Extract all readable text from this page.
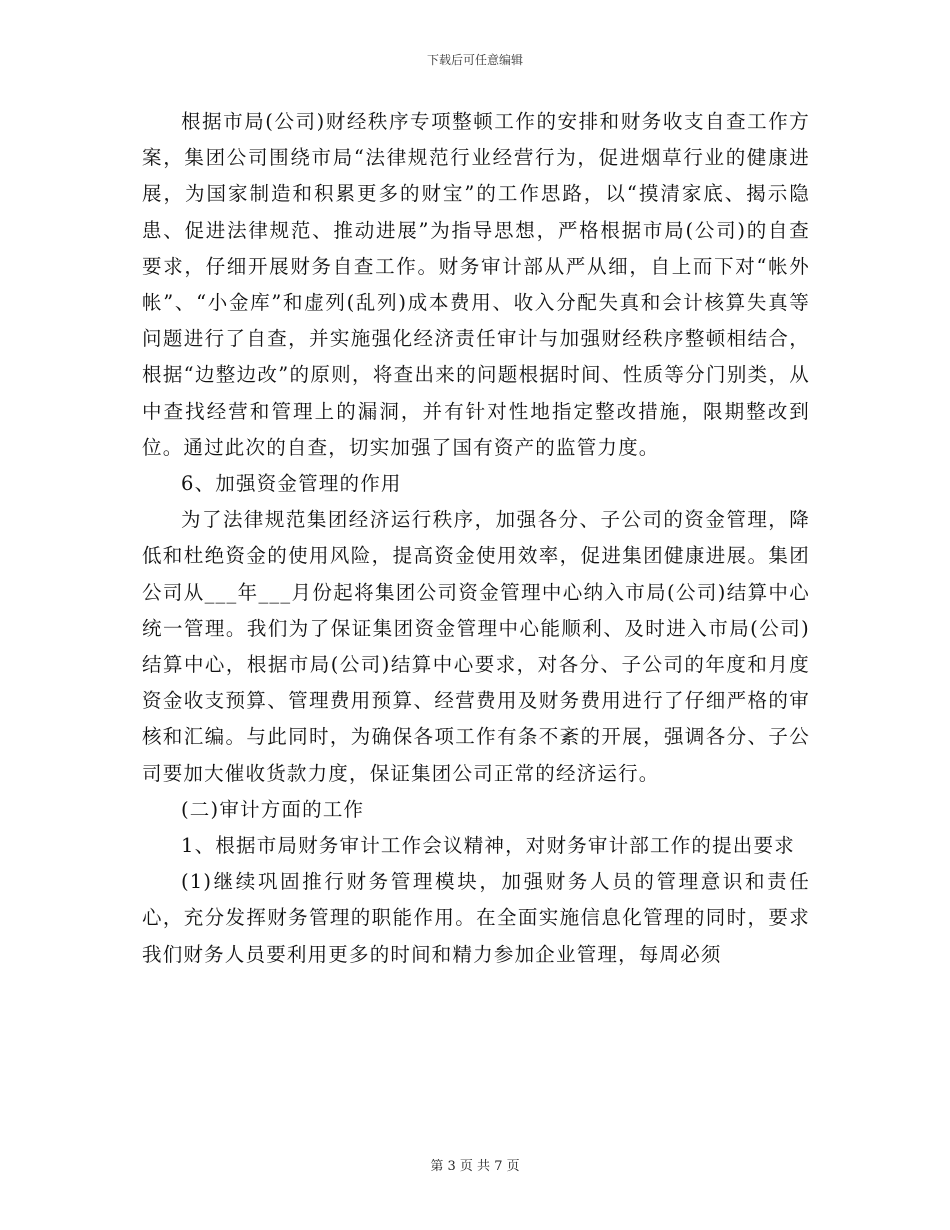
下载后可任意编辑

根据市局(公司)财经秩序专项整顿工作的安排和财务收支自查工作方案，集团公司围绕市局“法律规范行业经营行为，促进烟草行业的健康进展，为国家制造和积累更多的财宝”的工作思路，以“摸清家底、揭示隐患、促进法律规范、推动进展”为指导思想，严格根据市局(公司)的自查要求，仔细开展财务自查工作。财务审计部从严从细，自上而下对“帐外帐”、“小金库”和虚列(乱列)成本费用、收入分配失真和会计核算失真等问题进行了自查，并实施强化经济责任审计与加强财经秩序整顿相结合，根据“边整边改”的原则，将查出来的问题根据时间、性质等分门别类，从中查找经营和管理上的漏洞，并有针对性地指定整改措施，限期整改到位。通过此次的自查，切实加强了国有资产的监管力度。

6、加强资金管理的作用

为了法律规范集团经济运行秩序，加强各分、子公司的资金管理，降低和杜绝资金的使用风险，提高资金使用效率，促进集团健康进展。集团公司从___年___月份起将集团公司资金管理中心纳入市局(公司)结算中心统一管理。我们为了保证集团资金管理中心能顺利、及时进入市局(公司)结算中心，根据市局(公司)结算中心要求，对各分、子公司的年度和月度资金收支预算、管理费用预算、经营费用及财务费用进行了仔细严格的审核和汇编。与此同时，为确保各项工作有条不紊的开展，强调各分、子公司要加大催收货款力度，保证集团公司正常的经济运行。

(二)审计方面的工作

1、根据市局财务审计工作会议精神，对财务审计部工作的提出要求

(1)继续巩固推行财务管理模块，加强财务人员的管理意识和责任心，充分发挥财务管理的职能作用。在全面实施信息化管理的同时，要求我们财务人员要利用更多的时间和精力参加企业管理，每周必须

第 3 页 共 7 页
